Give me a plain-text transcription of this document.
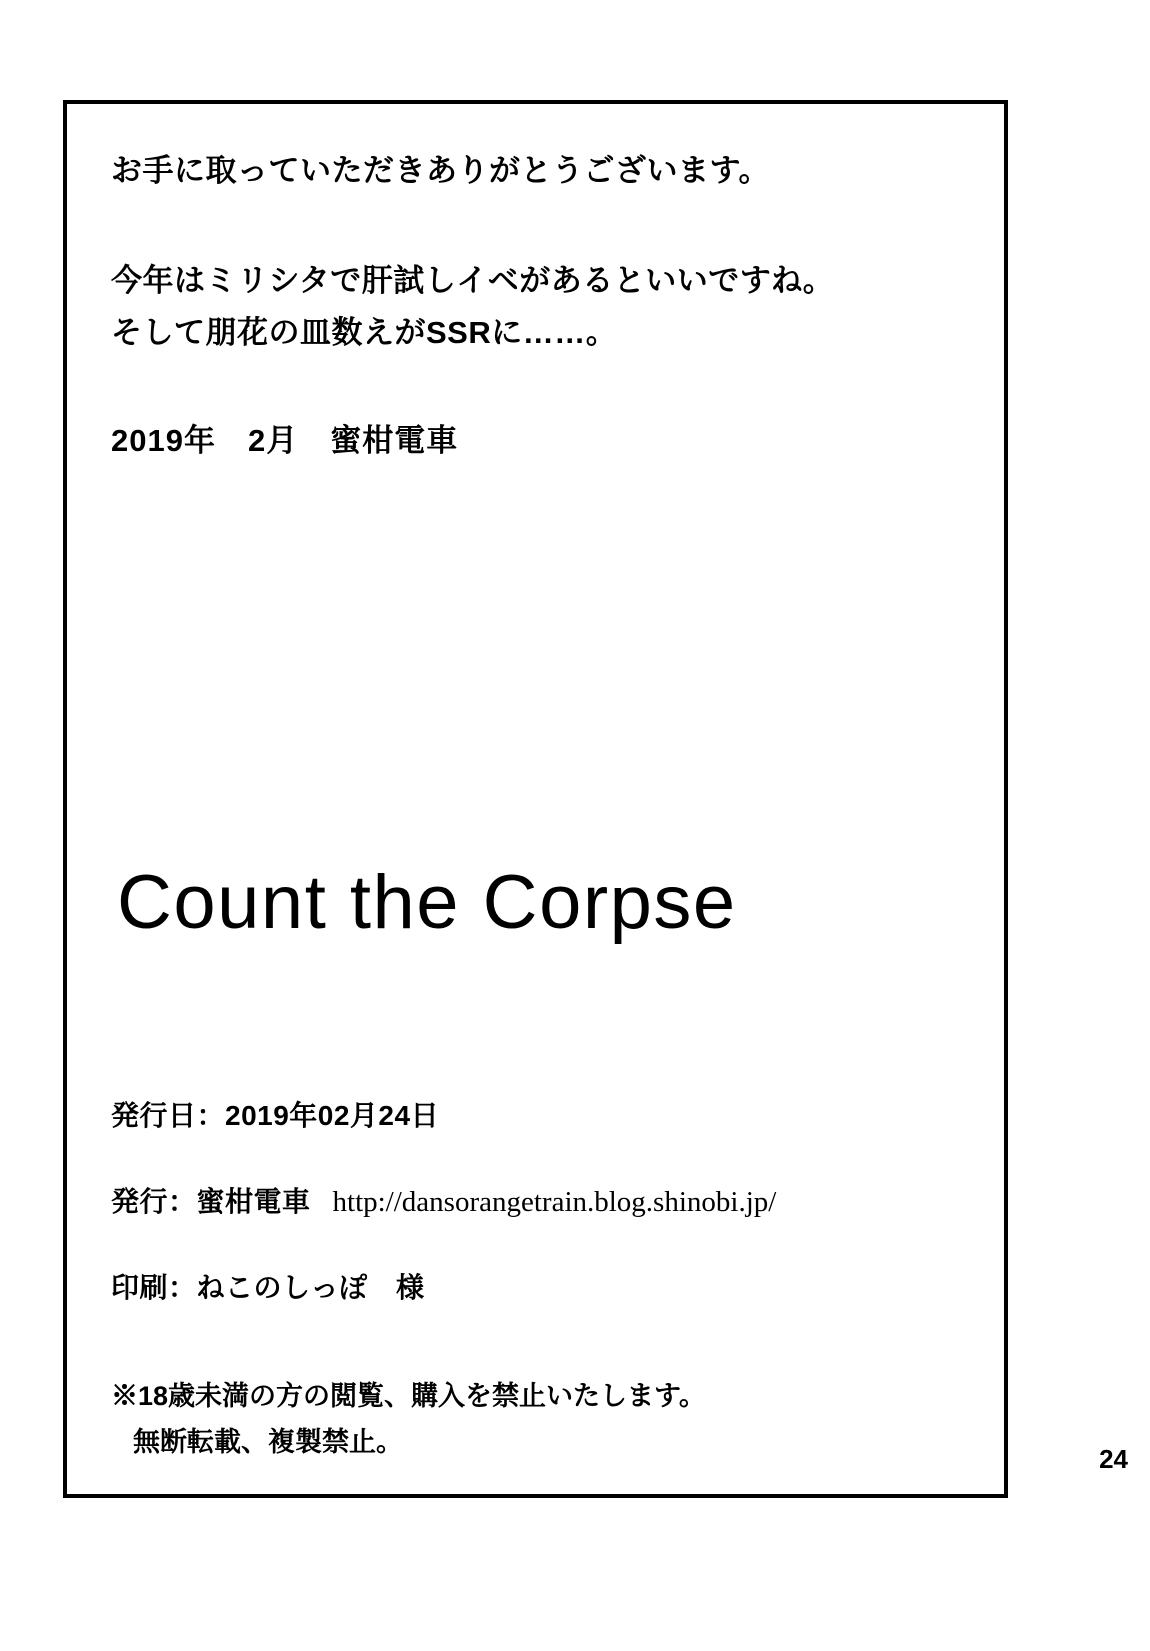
お手に取っていただきありがとうございます。
今年はミリシタで肝試しイベがあるといいですね。
そして朋花の皿数えがSSRに……。
2019年　2月　蜜柑電車
Count the Corpse
発行日：2019年02月24日
発行：蜜柑電車 http://dansorangetrain.blog.shinobi.jp/
印刷：ねこのしっぽ　様
※18歳未満の方の閲覧、購入を禁止いたします。
無断転載、複製禁止。
24
